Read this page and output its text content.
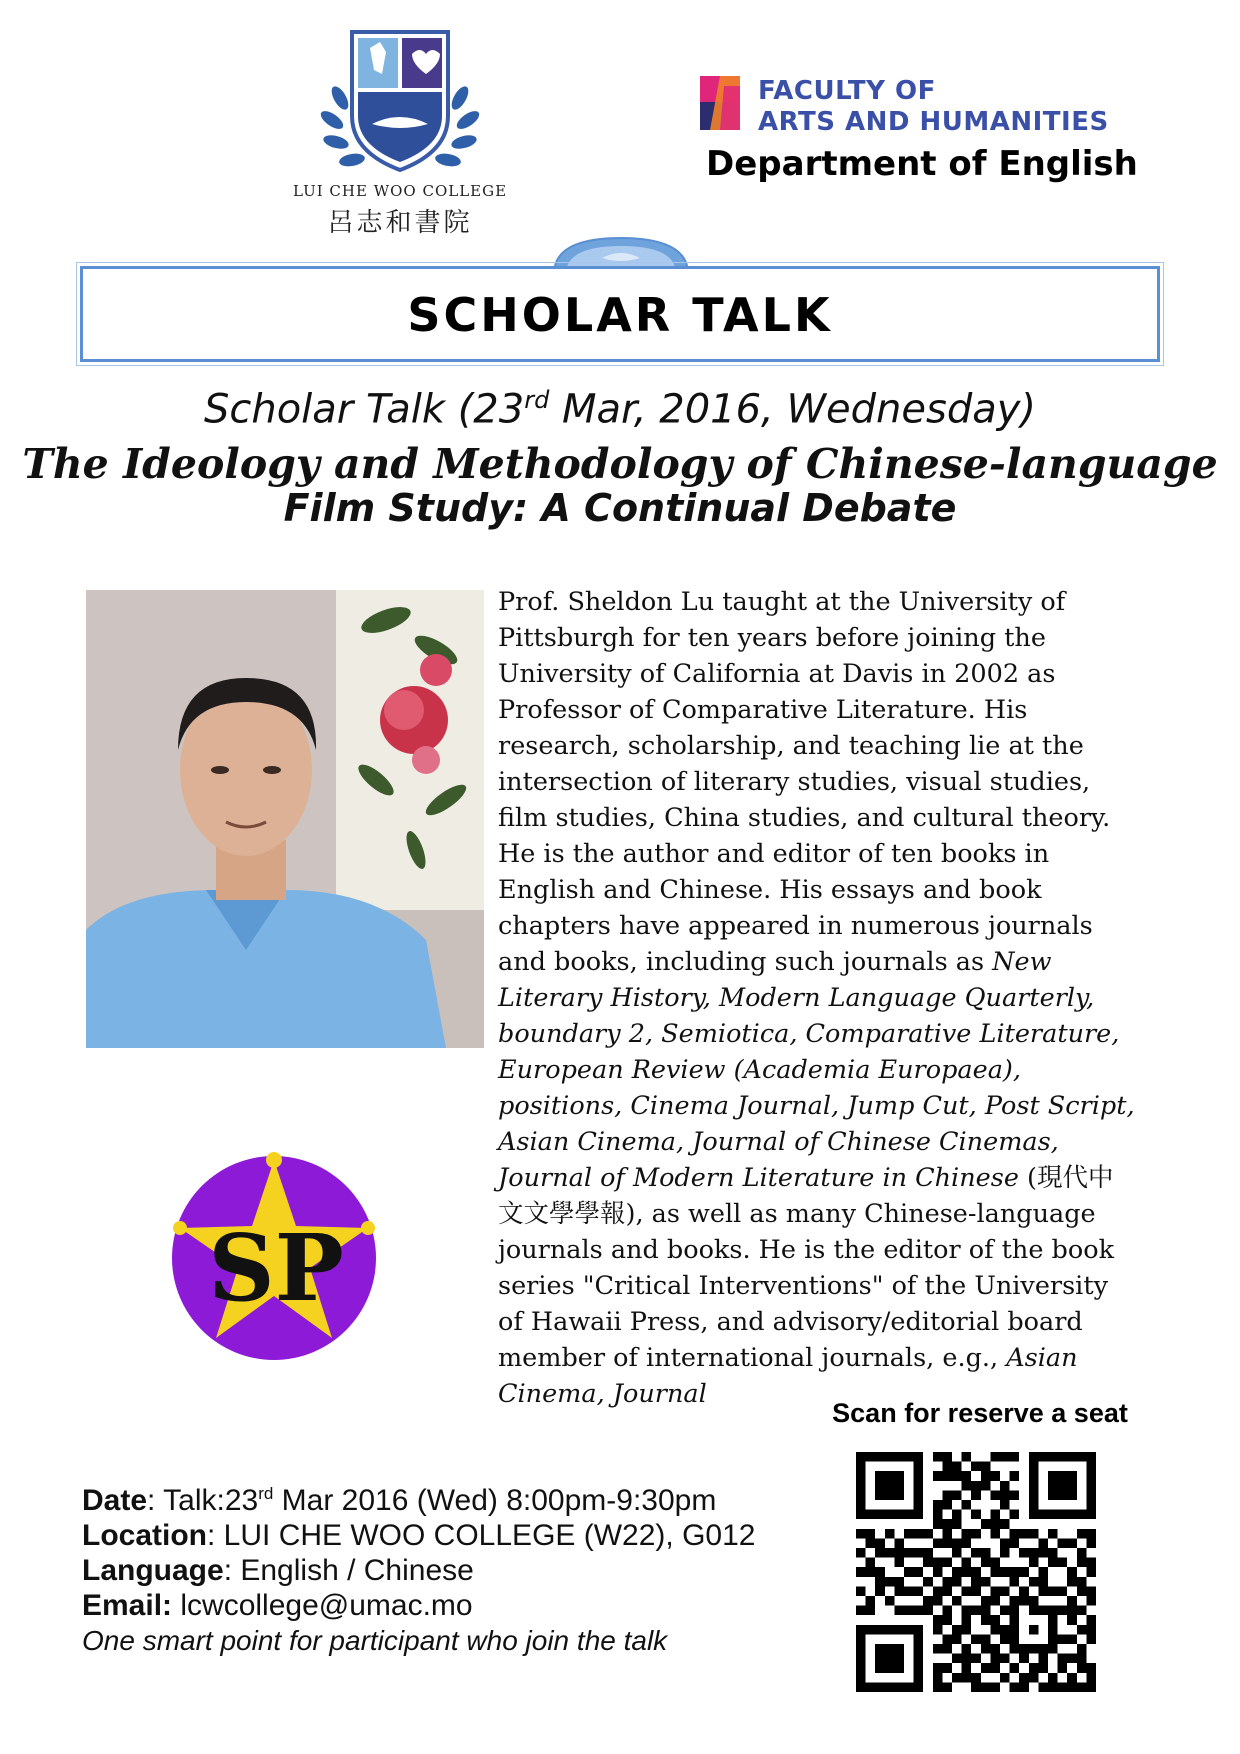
LUI CHE WOO COLLEGE
呂志和書院
FACULTY OF
ARTS AND HUMANITIES
Department of English
SCHOLAR TALK
Scholar Talk (23rd Mar, 2016, Wednesday)
The Ideology and Methodology of Chinese-language
Film Study: A Continual Debate
SP
Prof. Sheldon Lu taught at the University of Pittsburgh for ten years before joining the University of California at Davis in 2002 as Professor of Comparative Literature. His research, scholarship, and teaching lie at the intersection of literary studies, visual studies, film studies, China studies, and cultural theory. He is the author and editor of ten books in English and Chinese. His essays and book chapters have appeared in numerous journals and books, including such journals as New Literary History, Modern Language Quarterly, boundary 2, Semiotica, Comparative Literature, European Review (Academia Europaea), positions, Cinema Journal, Jump Cut, Post Script, Asian Cinema, Journal of Chinese Cinemas, Journal of Modern Literature in Chinese (現代中文文學學報), as well as many Chinese-language journals and books. He is the editor of the book series "Critical Interventions" of the University of Hawaii Press, and advisory/editorial board member of international journals, e.g., Asian Cinema, Journal
Date: Talk:23rd Mar 2016 (Wed) 8:00pm-9:30pm
Location: LUI CHE WOO COLLEGE (W22), G012
Language: English / Chinese
Email: lcwcollege@umac.mo
One smart point for participant who join the talk
Scan for reserve a seat
